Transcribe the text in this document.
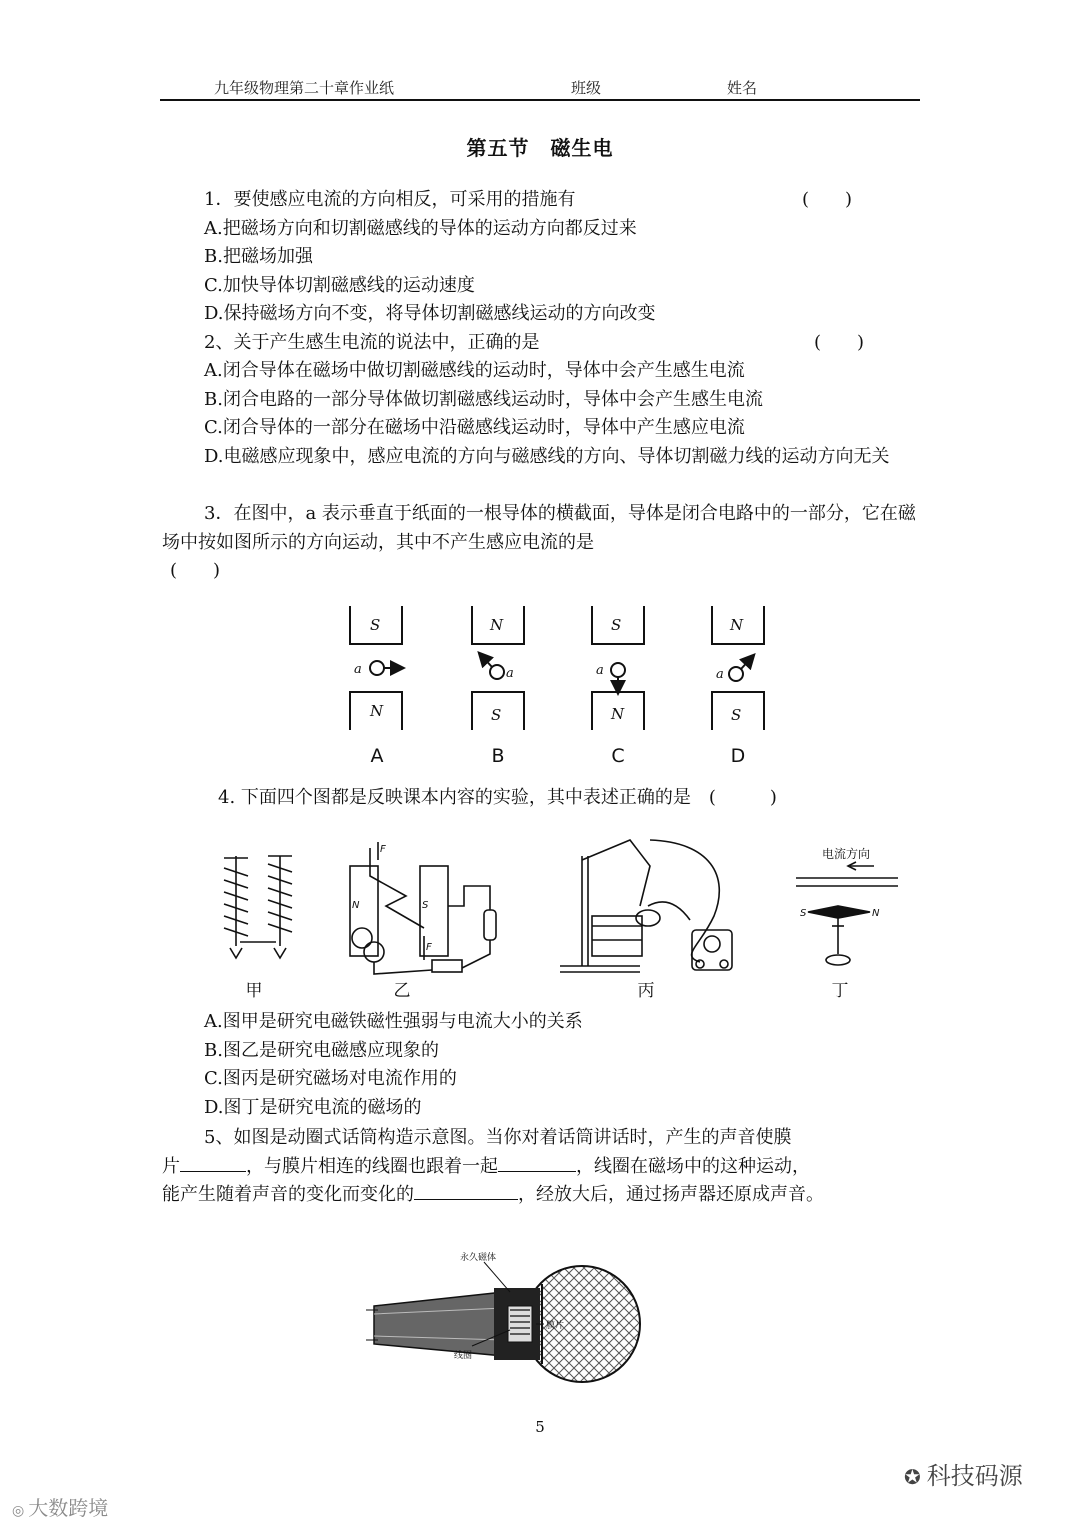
九年级物理第二十章作业纸	班级	姓名
第五节　磁生电

1．要使感应电流的方向相反，可采用的措施有	(　　)

A.把磁场方向和切割磁感线的导体的运动方向都反过来

B.把磁场加强

C.加快导体切割磁感线的运动速度

D.保持磁场方向不变，将导体切割磁感线运动的方向改变

2、关于产生感生电流的说法中，正确的是	(　　)

A.闭合导体在磁场中做切割磁感线的运动时，导体中会产生感生电流

B.闭合电路的一部分导体做切割磁感线运动时，导体中会产生感生电流

C.闭合导体的一部分在磁场中沿磁感线运动时，导体中产生感应电流

D.电磁感应现象中，感应电流的方向与磁感线的方向、导体切割磁力线的运动方向无关

3．在图中，a 表示垂直于纸面的一根导体的横截面，导体是闭合电路中的一部分，它在磁场中按如图所示的方向运动，其中不产生感应电流的是

(　　)

S
N
a
N
S
a
S
N
a
N
S
a
A	B	C	D
4. 下面四个图都是反映课本内容的实验，其中表述正确的是 (　　　)
F
F
N	S
电流方向
S	N
甲	乙	丙	丁

A.图甲是研究电磁铁磁性强弱与电流大小的关系

B.图乙是研究电磁感应现象的

C.图丙是研究磁场对电流作用的

D.图丁是研究电流的磁场的

5、如图是动圈式话筒构造示意图。当你对着话筒讲话时，产生的声音使膜

片	，与膜片相连的线圈也跟着一起	，线圈在磁场中的这种运动，

能产生随着声音的变化而变化的	，经放大后，通过扬声器还原成声音。

永久磁体
膜片
线圈
5
◎ 大数跨境
✪ 科技码源
